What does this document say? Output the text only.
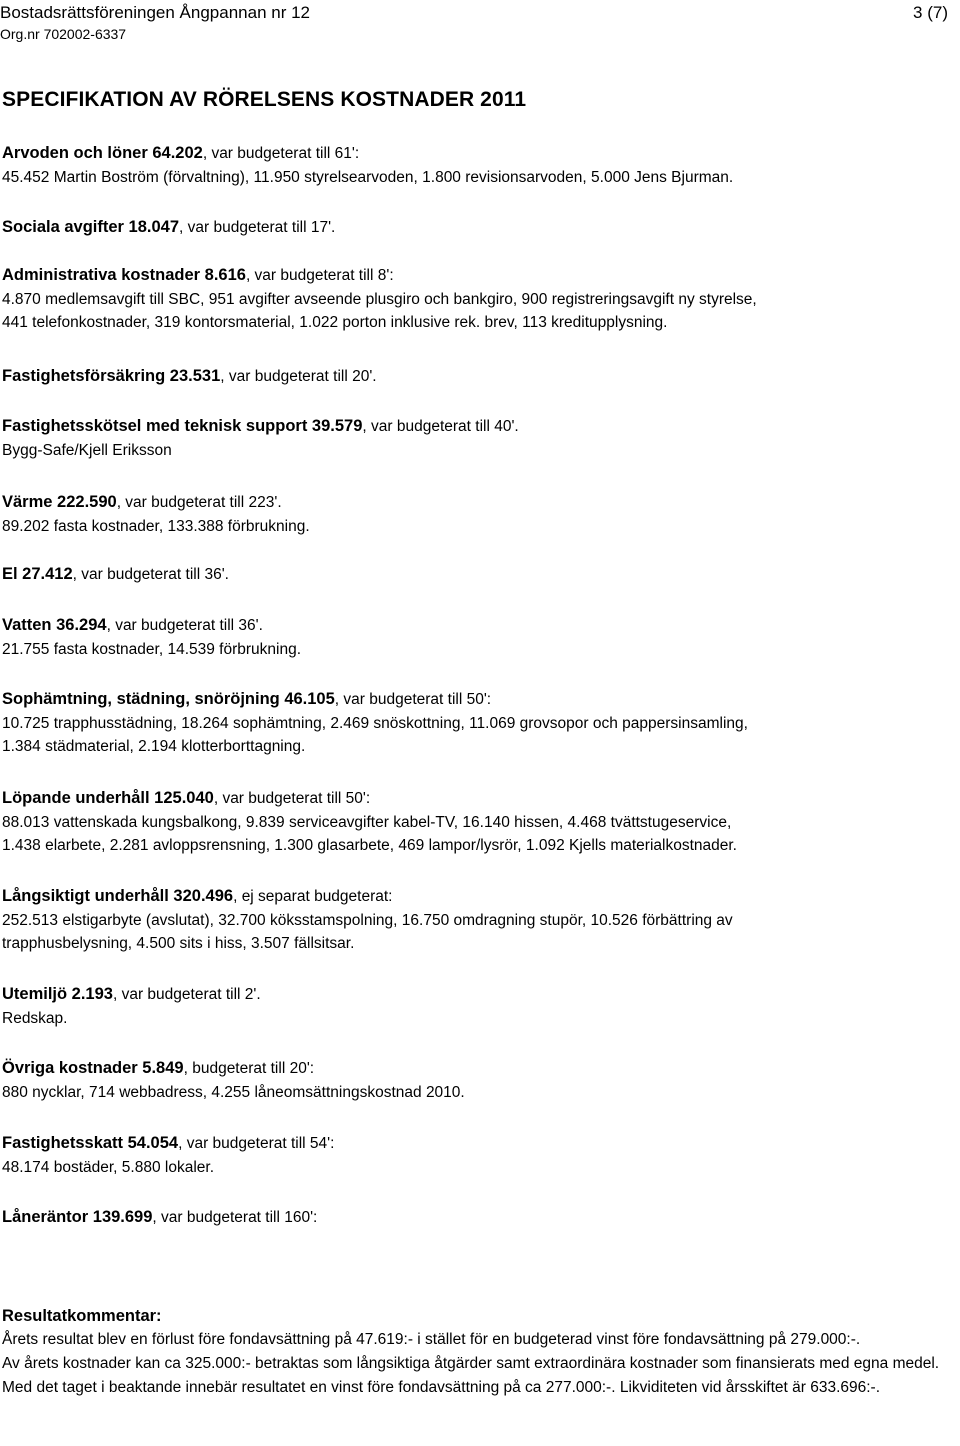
Bostadsrättsföreningen Ångpannan nr 12
Org.nr 702002-6337
3 (7)
SPECIFIKATION AV RÖRELSENS KOSTNADER 2011
Arvoden och löner 64.202, var budgeterat till 61':
45.452 Martin Boström (förvaltning), 11.950 styrelsearvoden, 1.800 revisionsarvoden, 5.000 Jens Bjurman.
Sociala avgifter 18.047, var budgeterat till 17'.
Administrativa kostnader 8.616, var budgeterat till 8':
4.870 medlemsavgift till SBC, 951 avgifter avseende plusgiro och bankgiro, 900 registreringsavgift ny styrelse,
441 telefonkostnader, 319 kontorsmaterial, 1.022 porton inklusive rek. brev, 113 kreditupplysning.
Fastighetsförsäkring 23.531, var budgeterat till 20'.
Fastighetsskötsel med teknisk support 39.579, var budgeterat till 40'.
Bygg-Safe/Kjell Eriksson
Värme 222.590, var budgeterat till 223'.
89.202 fasta kostnader, 133.388 förbrukning.
El 27.412, var budgeterat till 36'.
Vatten 36.294, var budgeterat till 36'.
21.755 fasta kostnader, 14.539 förbrukning.
Sophämtning, städning, snöröjning 46.105, var budgeterat till 50':
10.725 trapphusstädning, 18.264 sophämtning, 2.469 snöskottning, 11.069 grovsopor och pappersinsamling,
1.384 städmaterial, 2.194 klotterborttagning.
Löpande underhåll 125.040, var budgeterat till 50':
88.013 vattenskada kungsbalkong, 9.839 serviceavgifter kabel-TV, 16.140 hissen, 4.468 tvättstugeservice,
1.438 elarbete, 2.281 avloppsrensning, 1.300 glasarbete, 469 lampor/lysrör, 1.092 Kjells materialkostnader.
Långsiktigt underhåll 320.496, ej separat budgeterat:
252.513 elstigarbyte (avslutat), 32.700 köksstamspolning, 16.750 omdragning stupör, 10.526 förbättring av
trapphusbelysning, 4.500 sits i hiss, 3.507 fällsitsar.
Utemiljö 2.193, var budgeterat till 2'.
Redskap.
Övriga kostnader 5.849, budgeterat till 20':
880 nycklar, 714 webbadress, 4.255 låneomsättningskostnad 2010.
Fastighetsskatt 54.054, var budgeterat till 54':
48.174 bostäder, 5.880 lokaler.
Låneräntor 139.699, var budgeterat till 160':
Resultatkommentar:
Årets resultat blev en förlust före fondavsättning på 47.619:- i stället för en budgeterad vinst före fondavsättning på 279.000:-.
Av årets kostnader kan ca 325.000:- betraktas som långsiktiga åtgärder samt extraordinära kostnader som finansierats med egna medel. Med det taget i beaktande innebär resultatet en vinst före fondavsättning på ca 277.000:-. Likviditeten vid årsskiftet är 633.696:-.
